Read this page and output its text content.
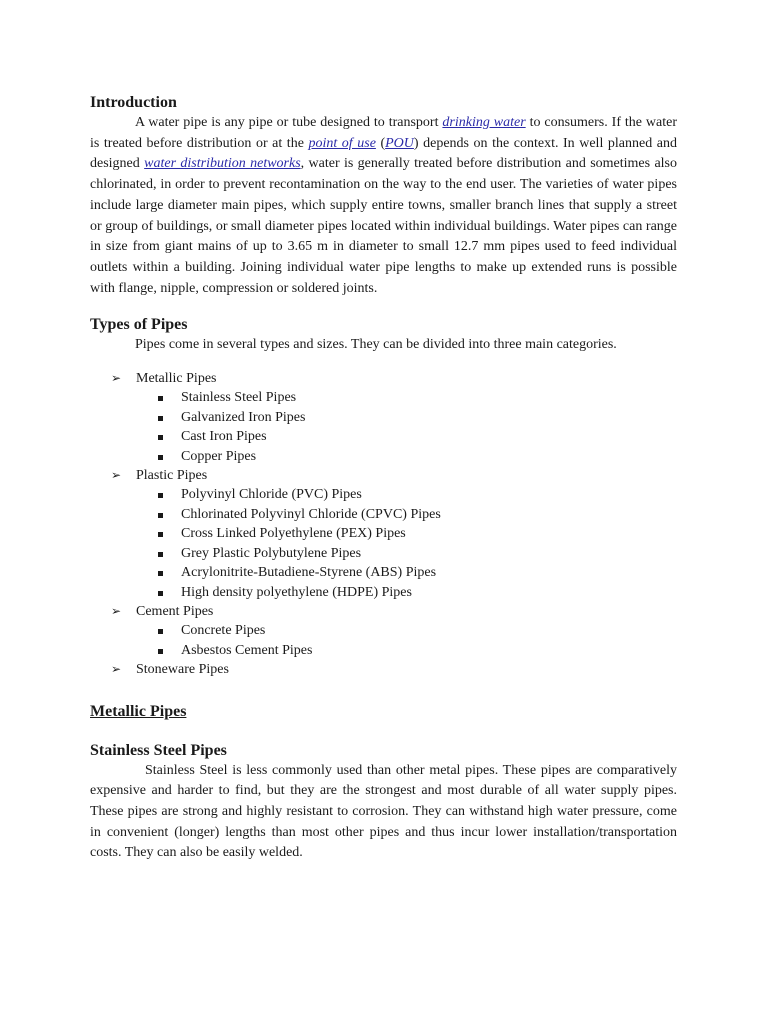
Introduction

A water pipe is any pipe or tube designed to transport drinking water to consumers. If the water is treated before distribution or at the point of use (POU) depends on the context. In well planned and designed water distribution networks, water is generally treated before distribution and sometimes also chlorinated, in order to prevent recontamination on the way to the end user. The varieties of water pipes include large diameter main pipes, which supply entire towns, smaller branch lines that supply a street or group of buildings, or small diameter pipes located within individual buildings. Water pipes can range in size from giant mains of up to 3.65 m in diameter to small 12.7 mm pipes used to feed individual outlets within a building. Joining individual water pipe lengths to make up extended runs is possible with flange, nipple, compression or soldered joints.

Types of Pipes

Pipes come in several types and sizes. They can be divided into three main categories.

➢ Metallic Pipes
Stainless Steel Pipes
Galvanized Iron Pipes
Cast Iron Pipes
Copper Pipes
➢ Plastic Pipes
Polyvinyl Chloride (PVC) Pipes
Chlorinated Polyvinyl Chloride (CPVC) Pipes
Cross Linked Polyethylene (PEX) Pipes
Grey Plastic Polybutylene Pipes
Acrylonitrite-Butadiene-Styrene (ABS) Pipes
High density polyethylene (HDPE) Pipes
➢ Cement Pipes
Concrete Pipes
Asbestos Cement Pipes
➢ Stoneware Pipes
Metallic Pipes
Stainless Steel Pipes

Stainless Steel is less commonly used than other metal pipes. These pipes are comparatively expensive and harder to find, but they are the strongest and most durable of all water supply pipes. These pipes are strong and highly resistant to corrosion. They can withstand high water pressure, come in convenient (longer) lengths than most other pipes and thus incur lower installation/transportation costs. They can also be easily welded.
